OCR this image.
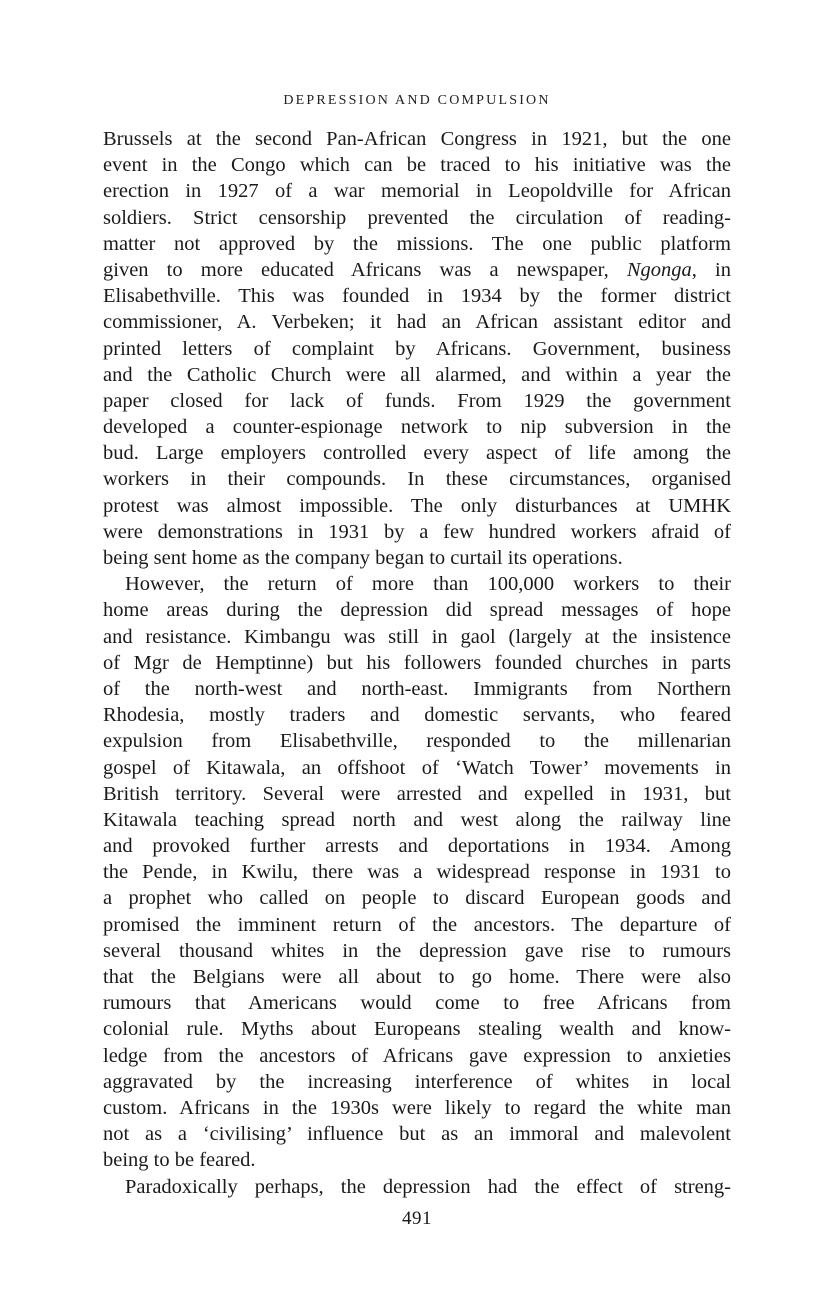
DEPRESSION AND COMPULSION
Brussels at the second Pan-African Congress in 1921, but the one
event in the Congo which can be traced to his initiative was the
erection in 1927 of a war memorial in Leopoldville for African
soldiers. Strict censorship prevented the circulation of reading-
matter not approved by the missions. The one public platform
given to more educated Africans was a newspaper, Ngonga, in
Elisabethville. This was founded in 1934 by the former district
commissioner, A. Verbeken; it had an African assistant editor and
printed letters of complaint by Africans. Government, business
and the Catholic Church were all alarmed, and within a year the
paper closed for lack of funds. From 1929 the government
developed a counter-espionage network to nip subversion in the
bud. Large employers controlled every aspect of life among the
workers in their compounds. In these circumstances, organised
protest was almost impossible. The only disturbances at UMHK
were demonstrations in 1931 by a few hundred workers afraid of
being sent home as the company began to curtail its operations.
However, the return of more than 100,000 workers to their
home areas during the depression did spread messages of hope
and resistance. Kimbangu was still in gaol (largely at the insistence
of Mgr de Hemptinne) but his followers founded churches in parts
of the north-west and north-east. Immigrants from Northern
Rhodesia, mostly traders and domestic servants, who feared
expulsion from Elisabethville, responded to the millenarian
gospel of Kitawala, an offshoot of ‘Watch Tower’ movements in
British territory. Several were arrested and expelled in 1931, but
Kitawala teaching spread north and west along the railway line
and provoked further arrests and deportations in 1934. Among
the Pende, in Kwilu, there was a widespread response in 1931 to
a prophet who called on people to discard European goods and
promised the imminent return of the ancestors. The departure of
several thousand whites in the depression gave rise to rumours
that the Belgians were all about to go home. There were also
rumours that Americans would come to free Africans from
colonial rule. Myths about Europeans stealing wealth and know-
ledge from the ancestors of Africans gave expression to anxieties
aggravated by the increasing interference of whites in local
custom. Africans in the 1930s were likely to regard the white man
not as a ‘civilising’ influence but as an immoral and malevolent
being to be feared.
Paradoxically perhaps, the depression had the effect of streng-
491
